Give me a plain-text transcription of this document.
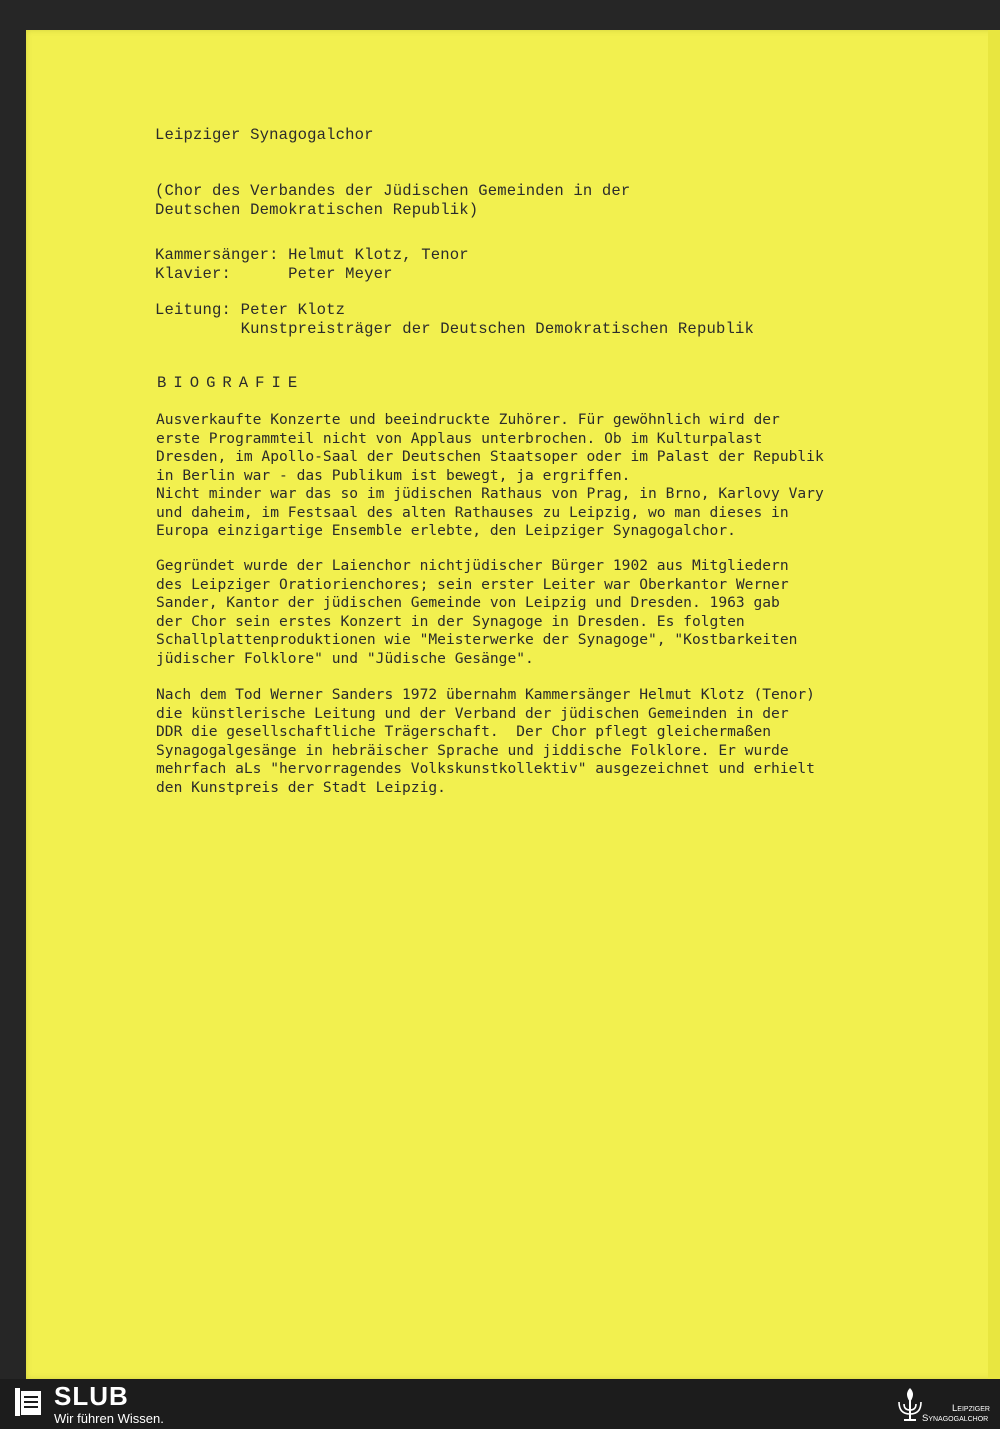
Leipziger Synagogalchor

(Chor des Verbandes der Jüdischen Gemeinden in der

Deutschen Demokratischen Republik)

Kammersänger: Helmut Klotz, Tenor

Klavier:      Peter Meyer

Leitung: Peter Klotz

Kunstpreisträger der Deutschen Demokratischen Republik

BIOGRAFIE

Ausverkaufte Konzerte und beeindruckte Zuhörer. Für gewöhnlich wird der
erste Programmteil nicht von Applaus unterbrochen. Ob im Kulturpalast
Dresden, im Apollo-Saal der Deutschen Staatsoper oder im Palast der Republik
in Berlin war - das Publikum ist bewegt, ja ergriffen.
Nicht minder war das so im jüdischen Rathaus von Prag, in Brno, Karlovy Vary
und daheim, im Festsaal des alten Rathauses zu Leipzig, wo man dieses in
Europa einzigartige Ensemble erlebte, den Leipziger Synagogalchor.

Gegründet wurde der Laienchor nichtjüdischer Bürger 1902 aus Mitgliedern
des Leipziger Oratiorienchores; sein erster Leiter war Oberkantor Werner
Sander, Kantor der jüdischen Gemeinde von Leipzig und Dresden. 1963 gab
der Chor sein erstes Konzert in der Synagoge in Dresden. Es folgten
Schallplattenproduktionen wie "Meisterwerke der Synagoge", "Kostbarkeiten
jüdischer Folklore" und "Jüdische Gesänge".

Nach dem Tod Werner Sanders 1972 übernahm Kammersänger Helmut Klotz (Tenor)
die künstlerische Leitung und der Verband der jüdischen Gemeinden in der
DDR die gesellschaftliche Trägerschaft.  Der Chor pflegt gleichermaßen
Synagogalgesänge in hebräischer Sprache und jiddische Folklore. Er wurde
mehrfach aLs "hervorragendes Volkskunstkollektiv" ausgezeichnet und erhielt
den Kunstpreis der Stadt Leipzig.

SLUB
Wir führen Wissen.
Leipziger
Synagogalchor
